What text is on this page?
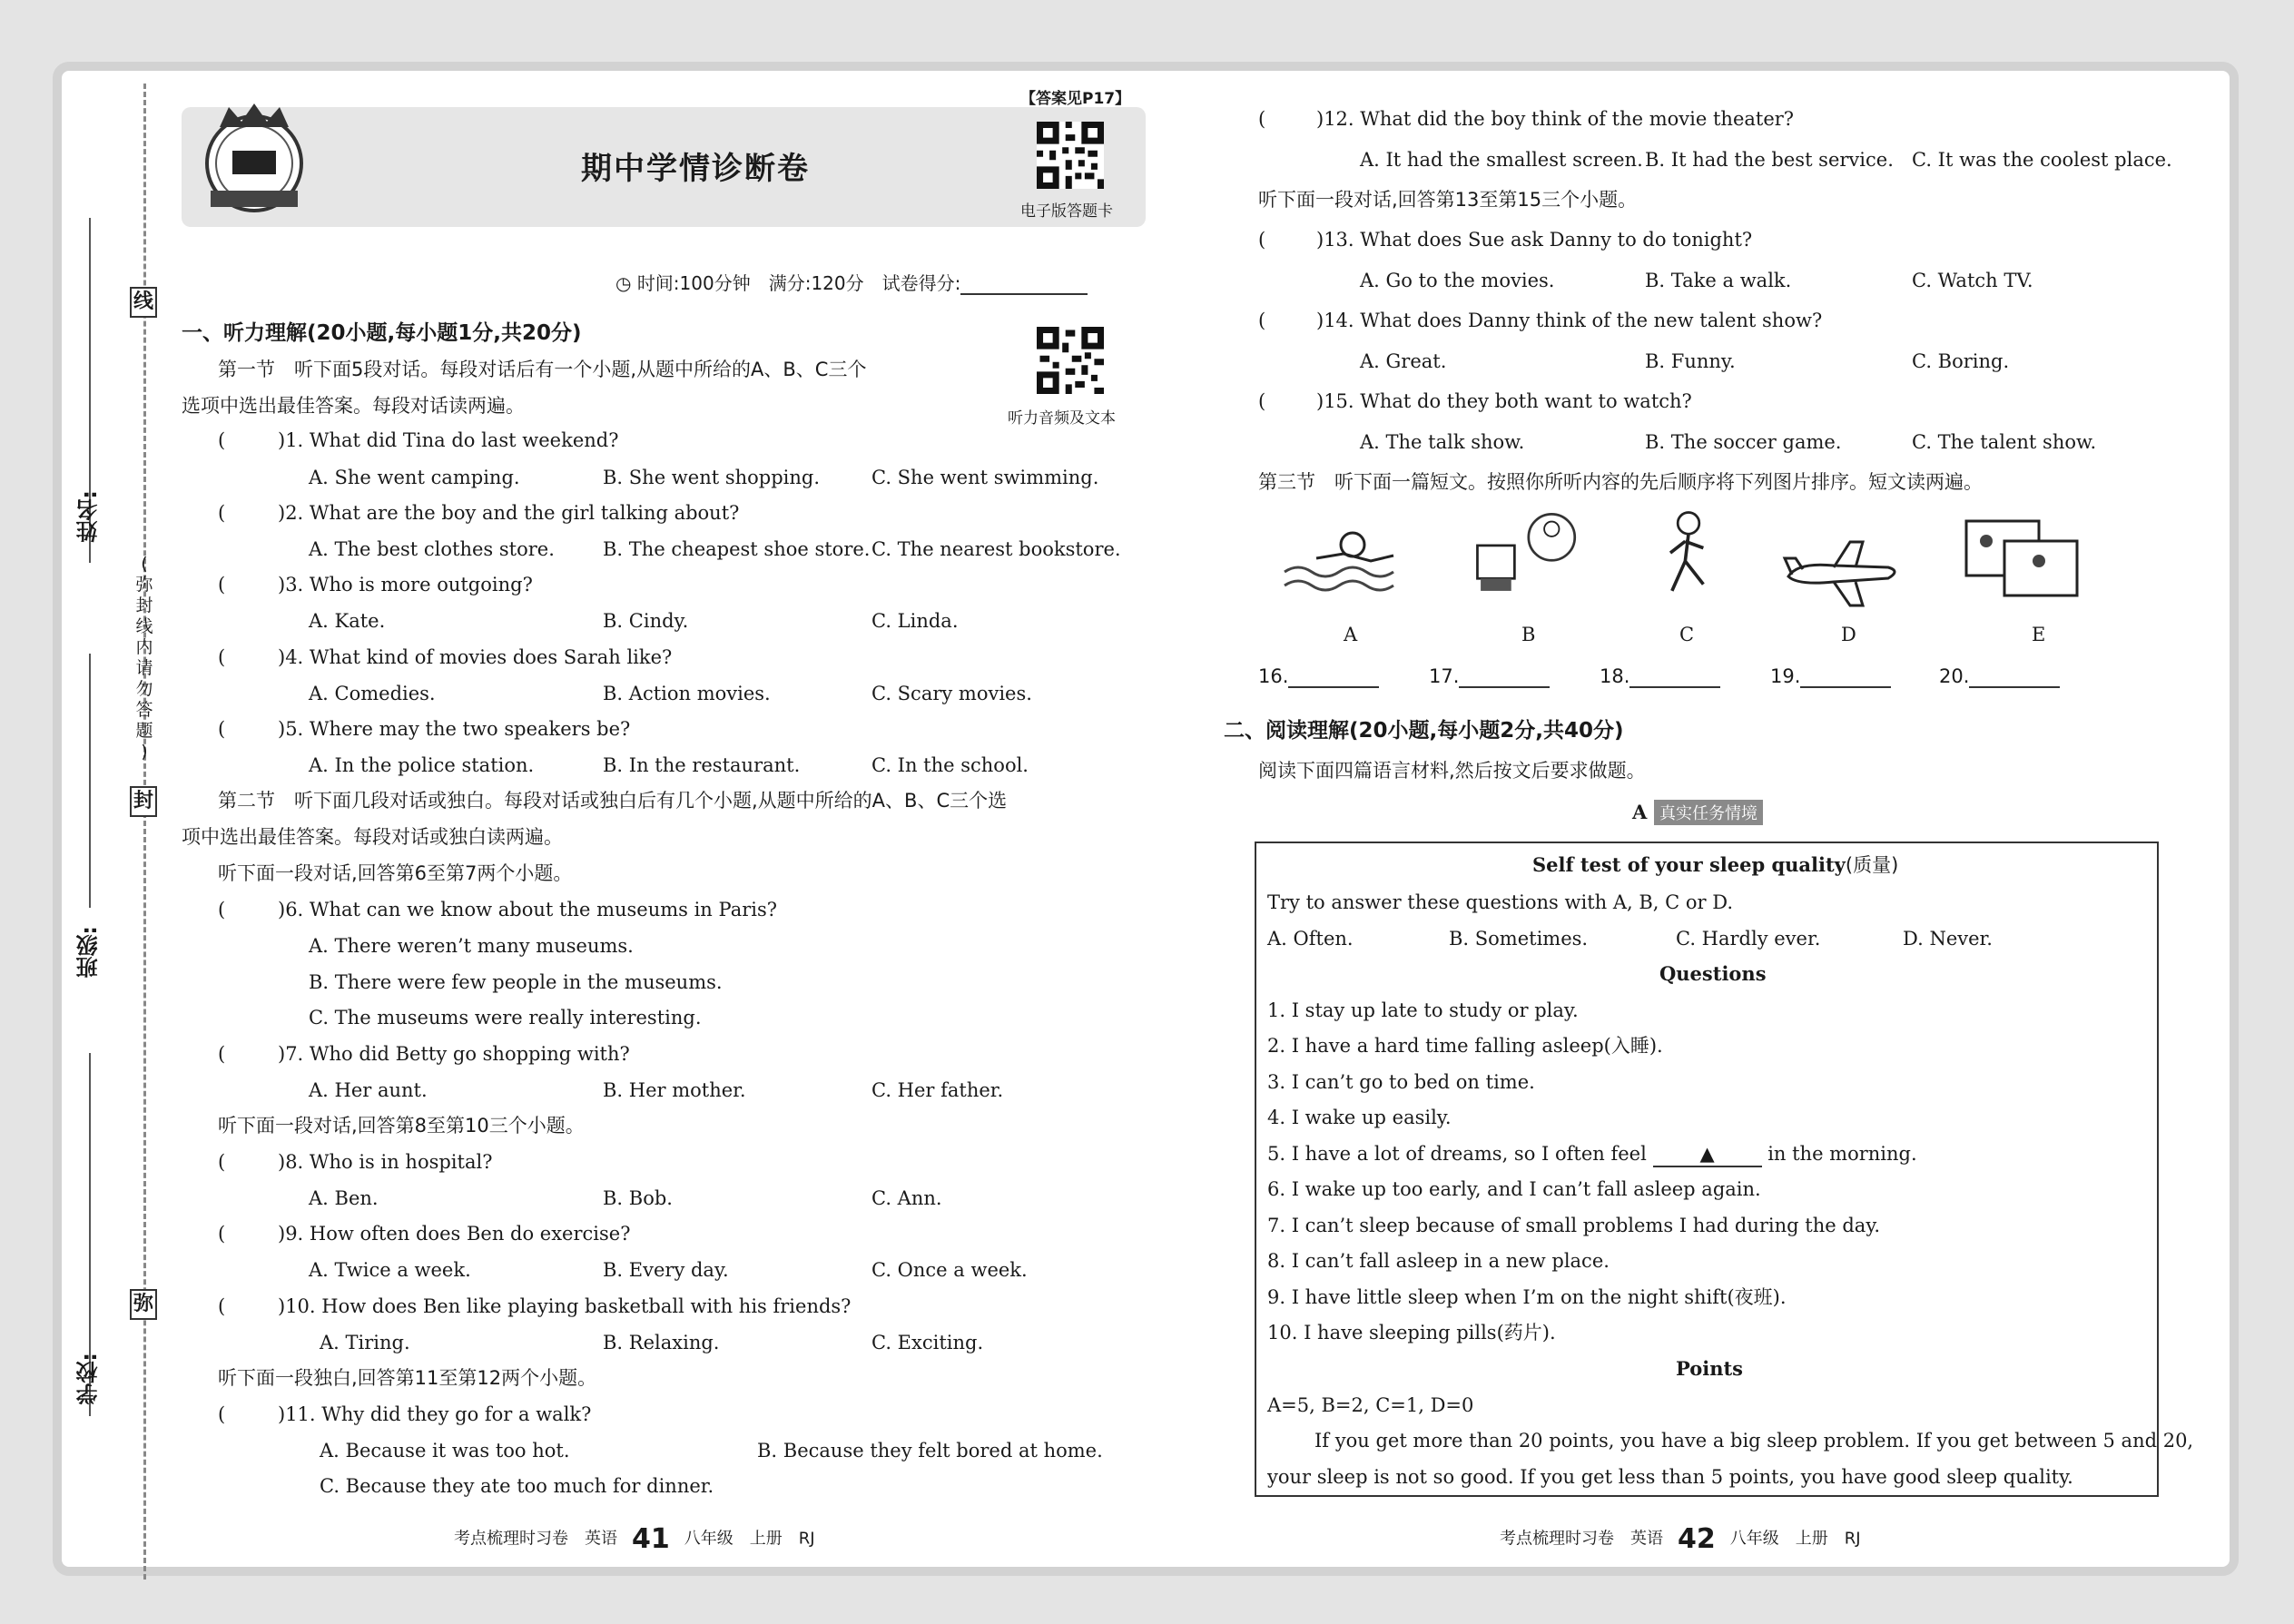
线
(
弥
封
线
内
请
勿
答
题
)
封
弥
姓名:
班级:
学校:
期中学情诊断卷
【答案见P17】
电子版答题卡
◷ 时间:100分钟　满分:120分　试卷得分:
听力音频及文本
一、听力理解(20小题,每小题1分,共20分)
第一节　听下面5段对话。每段对话后有一个小题,从题中所给的A、B、C三个
选项中选出最佳答案。每段对话读两遍。
(	)1. What did Tina do last weekend?
A. She went camping.	B. She went shopping.	C. She went swimming.
(	)2. What are the boy and the girl talking about?
A. The best clothes store.	B. The cheapest shoe store. C. The nearest bookstore.
(	)3. Who is more outgoing?
A. Kate.	B. Cindy.	C. Linda.
(	)4. What kind of movies does Sarah like?
A. Comedies.	B. Action movies.	C. Scary movies.
(	)5. Where may the two speakers be?
A. In the police station.	B. In the restaurant.	C. In the school.
第二节　听下面几段对话或独白。每段对话或独白后有几个小题,从题中所给的A、B、C三个选
项中选出最佳答案。每段对话或独白读两遍。
听下面一段对话,回答第6至第7两个小题。
(	)6. What can we know about the museums in Paris?
A. There weren’t many museums.
B. There were few people in the museums.
C. The museums were really interesting.
(	)7. Who did Betty go shopping with?
A. Her aunt.	B. Her mother.	C. Her father.
听下面一段对话,回答第8至第10三个小题。
(	)8. Who is in hospital?
A. Ben.	B. Bob.	C. Ann.
(	)9. How often does Ben do exercise?
A. Twice a week.	B. Every day.	C. Once a week.
(	)10. How does Ben like playing basketball with his friends?
A. Tiring.	B. Relaxing.	C. Exciting.
听下面一段独白,回答第11至第12两个小题。
(	)11. Why did they go for a walk?
A. Because it was too hot.	B. Because they felt bored at home.
C. Because they ate too much for dinner.
(	)12. What did the boy think of the movie theater?
A. It had the smallest screen. B. It had the best service. C. It was the coolest place.
听下面一段对话,回答第13至第15三个小题。
(	)13. What does Sue ask Danny to do tonight?
A. Go to the movies.	B. Take a walk.	C. Watch TV.
(	)14. What does Danny think of the new talent show?
A. Great.	B. Funny.	C. Boring.
(	)15. What do they both want to watch?
A. The talk show.	B. The soccer game.	C. The talent show.
第三节　听下面一篇短文。按照你所听内容的先后顺序将下列图片排序。短文读两遍。
A	B	C	D	E
16.	17.	18.	19.	20.
二、阅读理解(20小题,每小题2分,共40分)
阅读下面四篇语言材料,然后按文后要求做题。
A 真实任务情境
Self test of your sleep quality(质量)
Try to answer these questions with A, B, C or D.
A. Often.	B. Sometimes.	C. Hardly ever.	D. Never.
Questions
1. I stay up late to study or play.
2. I have a hard time falling asleep(入睡).
3. I can’t go to bed on time.
4. I wake up easily.
5. I have a lot of dreams, so I often feel	▲	in the morning.
6. I wake up too early, and I can’t fall asleep again.
7. I can’t sleep because of small problems I had during the day.
8. I can’t fall asleep in a new place.
9. I have little sleep when I’m on the night shift(夜班).
10. I have sleeping pills(药片).
Points
A=5, B=2, C=1, D=0
If you get more than 20 points, you have a big sleep problem. If you get between 5 and 20,
your sleep is not so good. If you get less than 5 points, you have good sleep quality.
考点梳理时习卷　英语 41 八年级　上册　RJ	考点梳理时习卷　英语 42 八年级　上册　RJ
